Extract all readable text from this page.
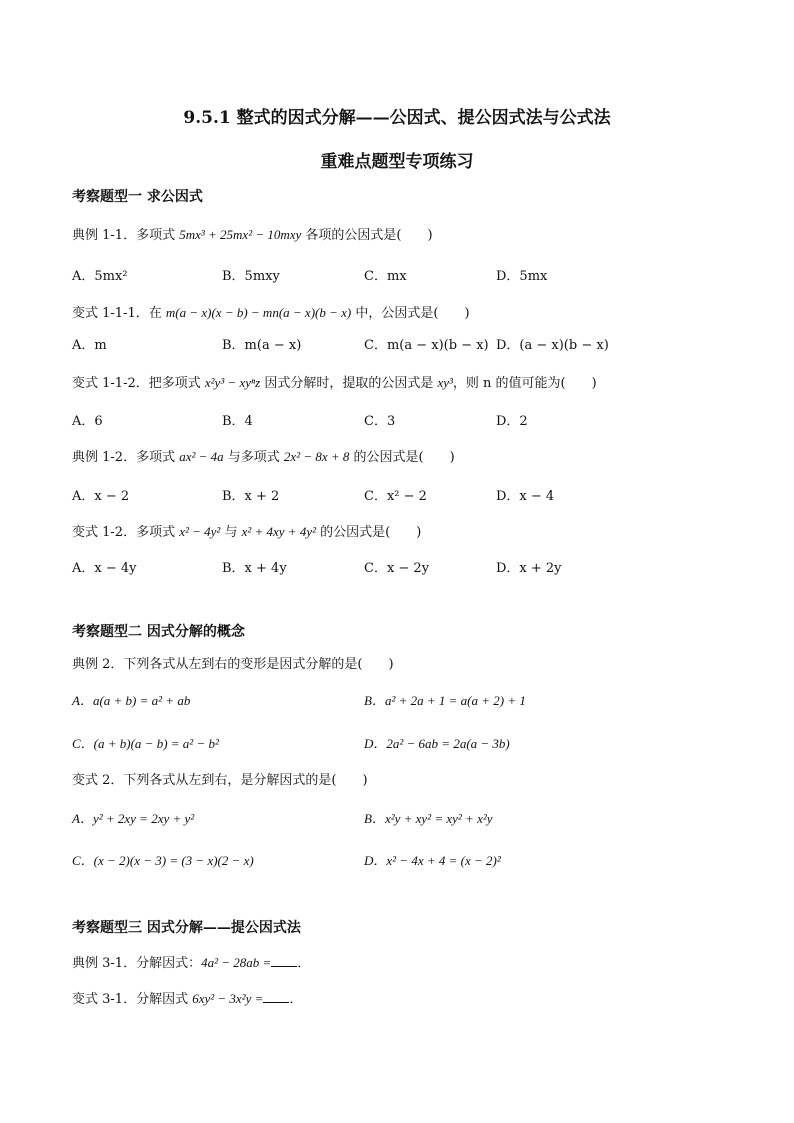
9.5.1 整式的因式分解——公因式、提公因式法与公式法
重难点题型专项练习
考察题型一 求公因式

典例 1-1．多项式 5mx³ + 25mx² − 10mxy 各项的公因式是(　　)

A．5mx²	B．5mxy	C．mx	D．5mx

变式 1-1-1．在 m(a − x)(x − b) − mn(a − x)(b − x) 中，公因式是(　　)

A．m	B．m(a − x)	C．m(a − x)(b − x) D．(a − x)(b − x)

变式 1-1-2．把多项式 x²y³ − xyⁿz 因式分解时，提取的公因式是 xy³，则 n 的值可能为(　　)

A．6	B．4	C．3	D．2

典例 1-2．多项式 ax² − 4a 与多项式 2x² − 8x + 8 的公因式是(　　)

A．x − 2	B．x + 2	C．x² − 2	D．x − 4

变式 1-2．多项式 x² − 4y² 与 x² + 4xy + 4y² 的公因式是(　　)

A．x − 4y	B．x + 4y	C．x − 2y	D．x + 2y
考察题型二 因式分解的概念

典例 2．下列各式从左到右的变形是因式分解的是(　　)

A．a(a + b) = a² + ab	B．a² + 2a + 1 = a(a + 2) + 1
C．(a + b)(a − b) = a² − b²	D．2a² − 6ab = 2a(a − 3b)

变式 2．下列各式从左到右，是分解因式的是(　　)

A．y² + 2xy = 2xy + y²	B．x²y + xy² = xy² + x²y
C．(x − 2)(x − 3) = (3 − x)(2 − x)	D．x² − 4x + 4 = (x − 2)²
考察题型三 因式分解——提公因式法

典例 3-1．分解因式：4a² − 28ab = ．

变式 3-1．分解因式 6xy² − 3x²y = ．
